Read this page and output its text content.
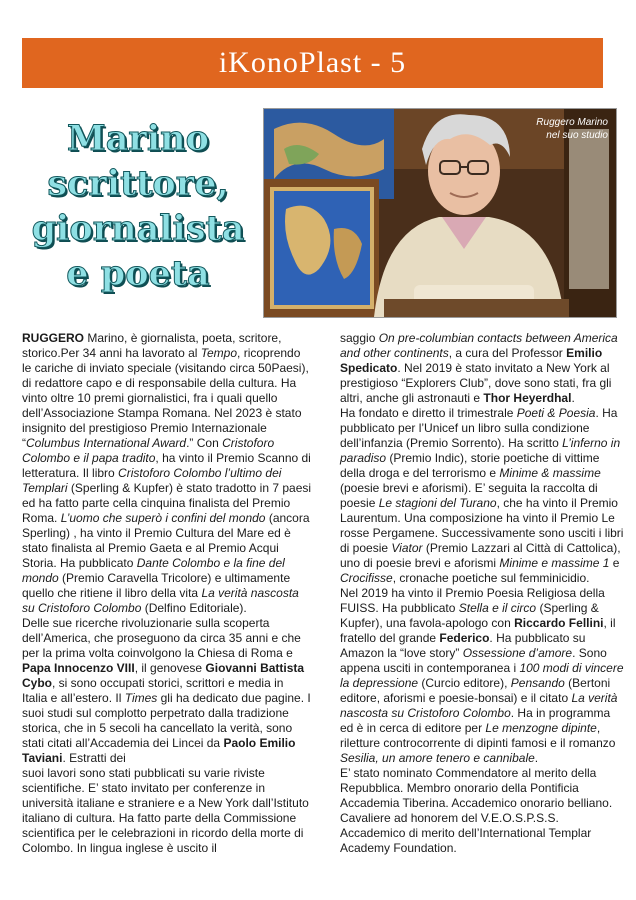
iKonoPlast - 5
Marino
scrittore,
giornalista
e poeta
Ruggero Marino nel suo studio

RUGGERO Marino, è giornalista, poeta, scritore, storico.Per 34 anni ha lavorato al Tempo, ricoprendo le cariche di inviato speciale (visitando circa 50Paesi), di redattore capo e di responsabile della cultura. Ha vinto oltre 10 premi giornalistici, fra i quali quello dell’Associazione Stampa Romana. Nel 2023 è stato insignito del prestigioso Premio Internazionale “Columbus International Award.” Con Cristoforo Colombo e il papa tradito, ha vinto il Premio Scanno di letteratura. Il libro Cristoforo Colombo l’ultimo dei Templari (Sperling & Kupfer) è stato tradotto in 7 paesi ed ha fatto parte cella cinquina finalista del Premio Roma. L’uomo che superò i confini del mondo (ancora Sperling) , ha vinto il Premio Cultura del Mare ed è stato finalista al Premio Gaeta e al Premio Acqui Storia. Ha pubblicato Dante Colombo e la fine del mondo (Premio Caravella Tricolore) e ultimamente quello che ritiene il libro della vita La verità nascosta su Cristoforo Colombo (Delfino Editoriale).

Delle sue ricerche rivoluzionarie sulla scoperta dell’America, che proseguono da circa 35 anni e che per la prima volta coinvolgono la Chiesa di Roma e Papa Innocenzo VIII, il genovese Giovanni Battista Cybo, si sono occupati storici, scrittori e media in Italia e all’estero. Il Times gli ha dedicato due pagine. I suoi studi sul complotto perpetrato dalla tradizione storica, che in 5 secoli ha cancellato la verità, sono stati citati all’Accademia dei Lincei da Paolo Emilio Taviani. Estratti dei

suoi lavori sono stati pubblicati su varie riviste scientifiche. E’ stato invitato per conferenze in università italiane e straniere e a New York dall’Istituto italiano di cultura. Ha fatto parte della Commissione scientifica per le celebrazioni in ricordo della morte di Colombo. In lingua inglese è uscito il

saggio On pre-columbian contacts between America and other continents, a cura del Professor Emilio Spedicato. Nel 2019 è stato invitato a New York al prestigioso “Explorers Club”, dove sono stati, fra gli altri, anche gli astronauti e Thor Heyerdhal.

Ha fondato e diretto il trimestrale Poeti & Poesia. Ha pubblicato per l’Unicef un libro sulla condizione dell’infanzia (Premio Sorrento). Ha scritto L’inferno in paradiso (Premio Indic), storie poetiche di vittime della droga e del terrorismo e Minime & massime (poesie brevi e aforismi). E’ seguita la raccolta di poesie Le stagioni del Turano, che ha vinto il Premio Laurentum. Una composizione ha vinto il Premio Le rosse Pergamene. Successivamente sono usciti i libri di poesie Viator (Premio Lazzari al Città di Cattolica), uno di poesie brevi e aforismi Minime e massime 1 e Crocifisse, cronache poetiche sul femminicidio.

Nel 2019 ha vinto il Premio Poesia Religiosa della FUISS. Ha pubblicato Stella e il circo (Sperling & Kupfer), una favola-apologo con Riccardo Fellini, il fratello del grande Federico. Ha pubblicato su Amazon la “love story” Ossessione d’amore. Sono appena usciti in contemporanea i 100 modi di vincere la depressione (Curcio editore), Pensando (Bertoni editore, aforismi e poesie-bonsai) e il citato La verità nascosta su Cristoforo Colombo. Ha in programma ed è in cerca di editore per Le menzogne dipinte, riletture controcorrente di dipinti famosi e il romanzo Sesilia, un amore tenero e cannibale.

E’ stato nominato Commendatore al merito della Repubblica. Membro onorario della Pontificia Accademia Tiberina. Accademico onorario belliano. Cavaliere ad honorem del V.E.O.S.P.S.S.

Accademico di merito dell’International Templar Academy Foundation.
